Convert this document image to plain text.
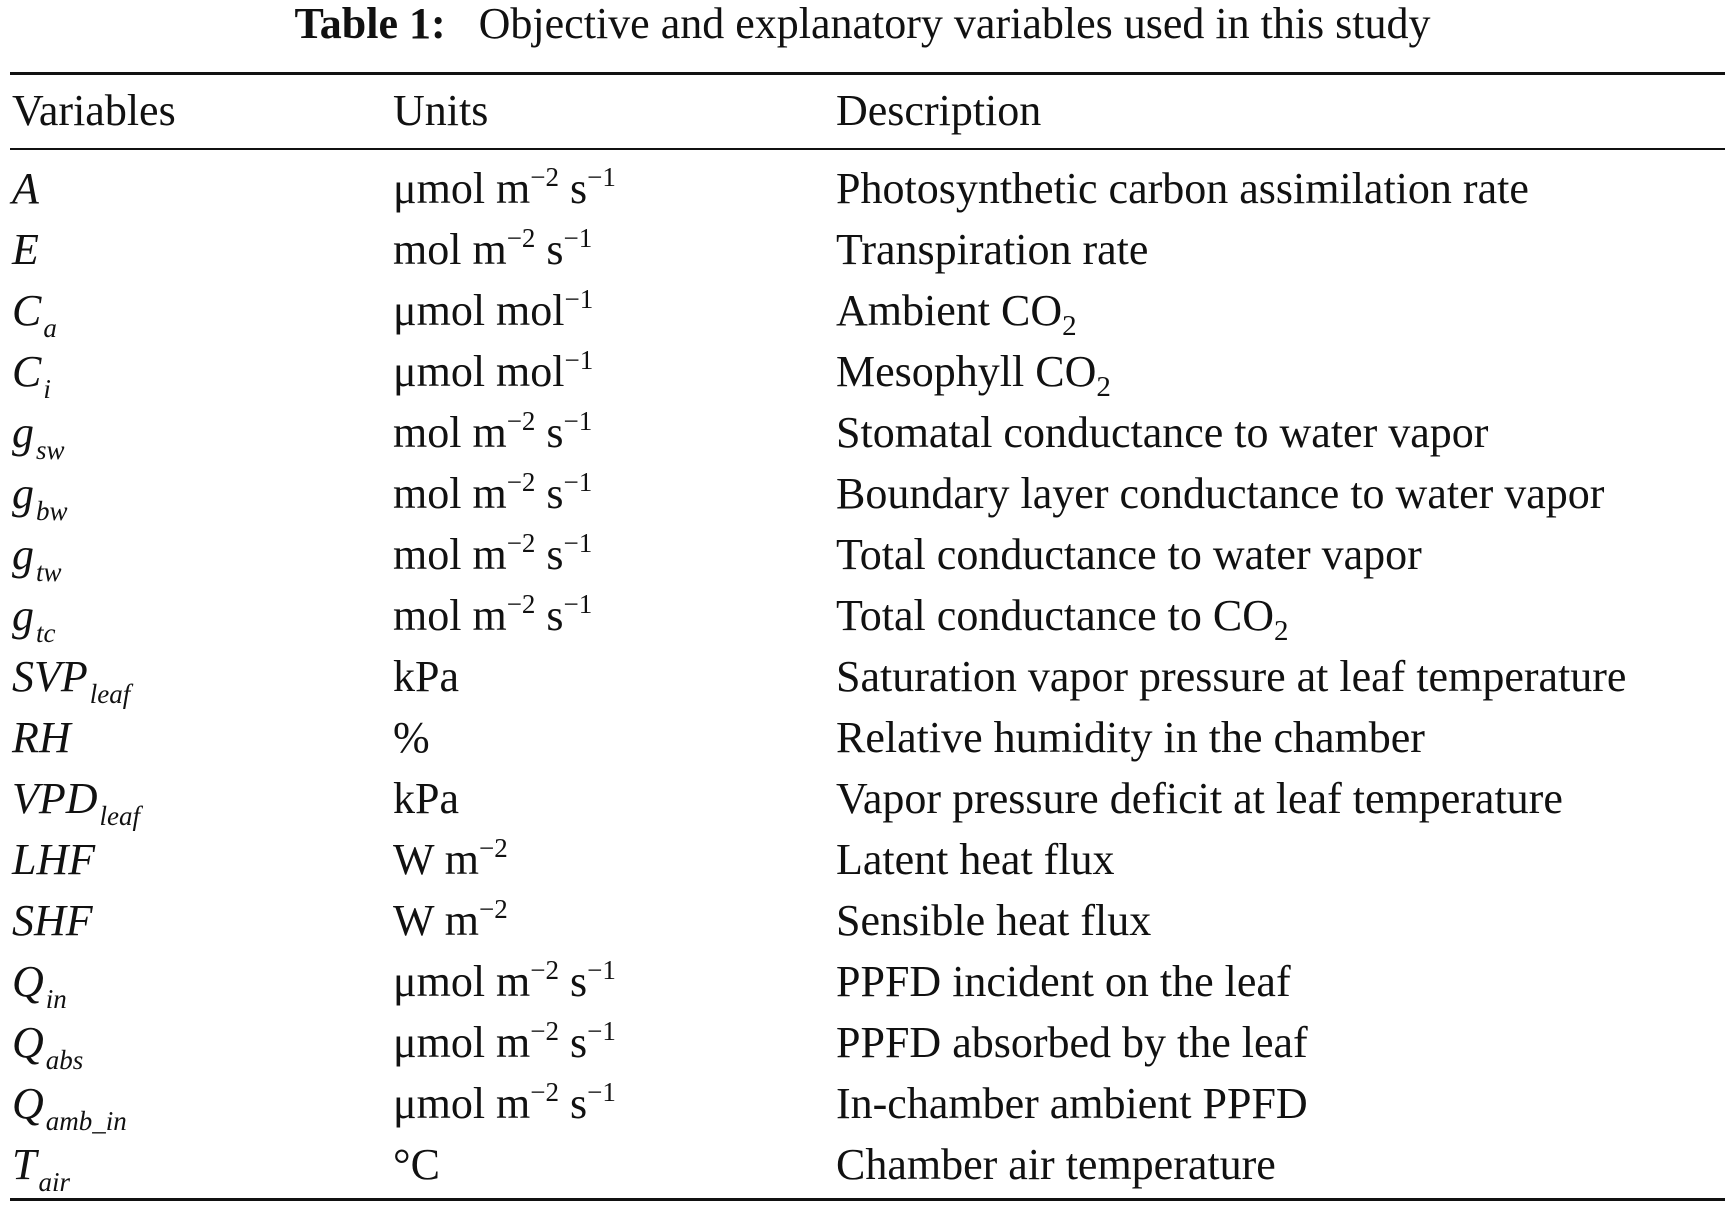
Table 1: Objective and explanatory variables used in this study
Variables	Units	Description
A	μmol $m^{-2}$ $s^{-1}$	Photosynthetic carbon assimilation rate
E	mol $m^{-2}$ $s^{-1}$	Transpiration rate
$C_a$	μmol mol$^{-1}$	Ambient $CO_2$
$C_i$	μmol mol$^{-1}$	Mesophyll $CO_2$
$g_{sw}$	mol $m^{-2}$ $s^{-1}$	Stomatal conductance to water vapor
$g_{bw}$	mol $m^{-2}$ $s^{-1}$	Boundary layer conductance to water vapor
$g_{tw}$	mol $m^{-2}$ $s^{-1}$	Total conductance to water vapor
$g_{tc}$	mol $m^{-2}$ $s^{-1}$	Total conductance to $CO_2$
$SVP_{leaf}$	kPa	Saturation vapor pressure at leaf temperature
RH	%	Relative humidity in the chamber
$VPD_{leaf}$	kPa	Vapor pressure deficit at leaf temperature
LHF	W $m^{-2}$	Latent heat flux
SHF	W $m^{-2}$	Sensible heat flux
$Q_{in}$	μmol $m^{-2}$ $s^{-1}$	PPFD incident on the leaf
$Q_{abs}$	μmol $m^{-2}$ $s^{-1}$	PPFD absorbed by the leaf
$Q_{amb\_in}$	μmol $m^{-2}$ $s^{-1}$	In-chamber ambient PPFD
$T_{air}$	°C	Chamber air temperature
